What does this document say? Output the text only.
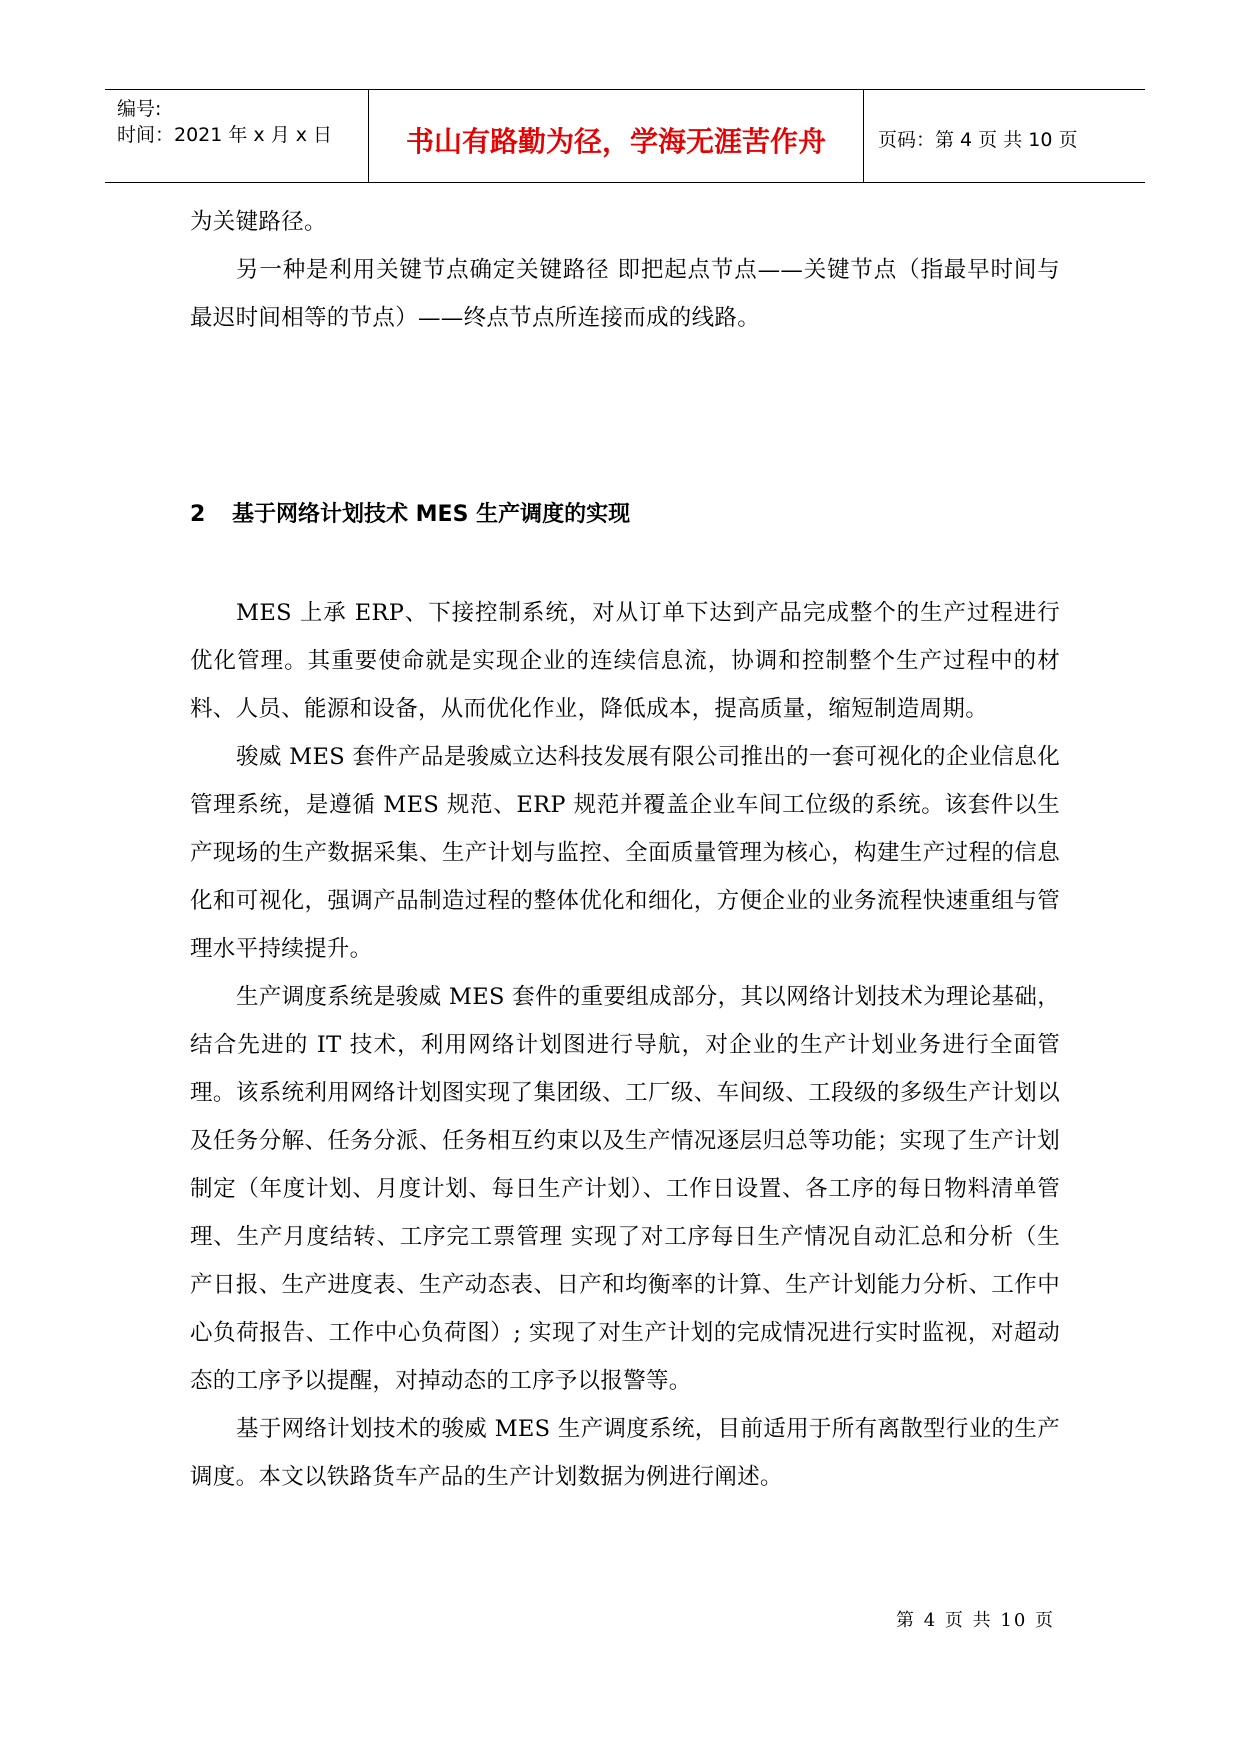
编号:
时间：2021 年 x 月 x 日	书山有路勤为径，学海无涯苦作舟	页码：第 4 页 共 10 页

为关键路径。

另一种是利用关键节点确定关键路径 即把起点节点——关键节点（指最早时间与最迟时间相等的节点）——终点节点所连接而成的线路。

2 基于网络计划技术 MES 生产调度的实现

MES 上承 ERP、下接控制系统，对从订单下达到产品完成整个的生产过程进行优化管理。其重要使命就是实现企业的连续信息流，协调和控制整个生产过程中的材料、人员、能源和设备，从而优化作业，降低成本，提高质量，缩短制造周期。

骏威 MES 套件产品是骏威立达科技发展有限公司推出的一套可视化的企业信息化管理系统，是遵循 MES 规范、ERP 规范并覆盖企业车间工位级的系统。该套件以生产现场的生产数据采集、生产计划与监控、全面质量管理为核心，构建生产过程的信息化和可视化，强调产品制造过程的整体优化和细化，方便企业的业务流程快速重组与管理水平持续提升。

生产调度系统是骏威 MES 套件的重要组成部分，其以网络计划技术为理论基础，结合先进的 IT 技术，利用网络计划图进行导航，对企业的生产计划业务进行全面管理。该系统利用网络计划图实现了集团级、工厂级、车间级、工段级的多级生产计划以及任务分解、任务分派、任务相互约束以及生产情况逐层归总等功能；实现了生产计划制定（年度计划、月度计划、每日生产计划）、工作日设置、各工序的每日物料清单管理、生产月度结转、工序完工票管理 实现了对工序每日生产情况自动汇总和分析（生产日报、生产进度表、生产动态表、日产和均衡率的计算、生产计划能力分析、工作中心负荷报告、工作中心负荷图）; 实现了对生产计划的完成情况进行实时监视，对超动态的工序予以提醒，对掉动态的工序予以报警等。

基于网络计划技术的骏威 MES 生产调度系统，目前适用于所有离散型行业的生产调度。本文以铁路货车产品的生产计划数据为例进行阐述。

第 4 页 共 10 页
